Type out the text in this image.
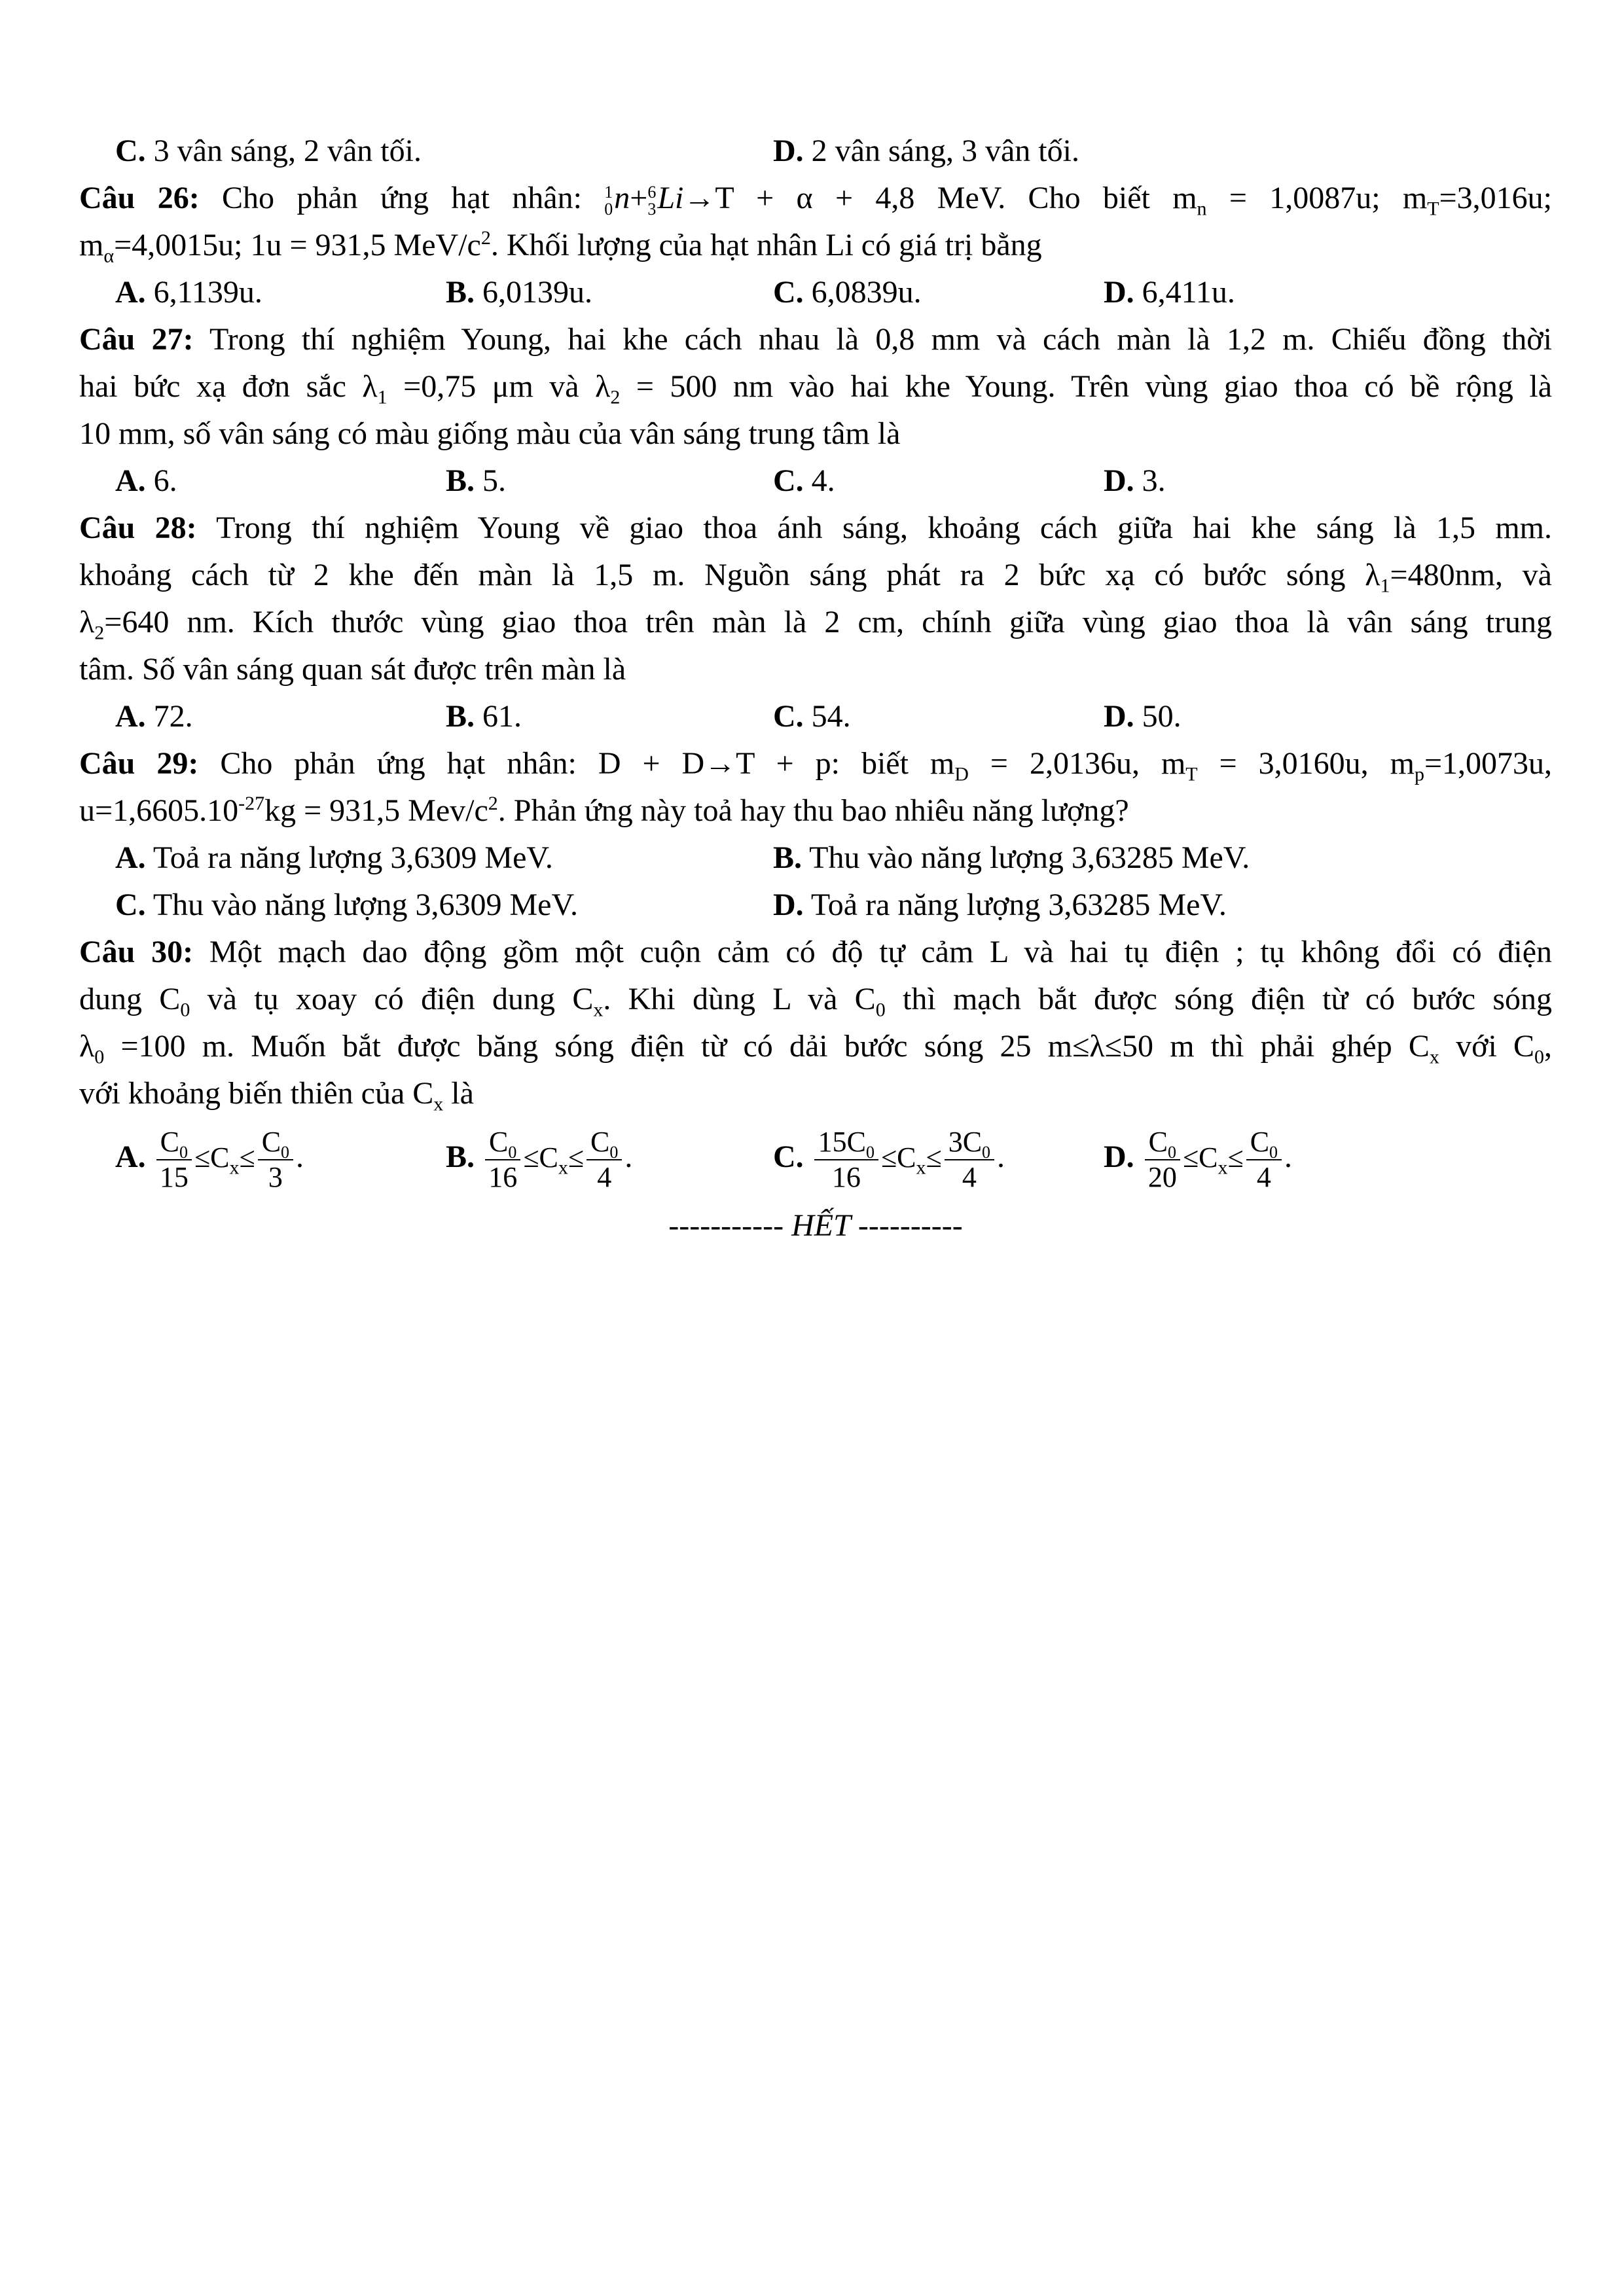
C. 3 vân sáng, 2 vân tối.	D. 2 vân sáng, 3 vân tối.
Câu 26: Cho phản ứng hạt nhân: 1
0 n+ 6
3 Li→T + α + 4,8 MeV. Cho biết $m_n = 1,0087u$; $m_T=3,016u$;
$m_\alpha=4,0015u$; 1u = 931,5 MeV/$c^2$. Khối lượng của hạt nhân Li có giá trị bằng
A. 6,1139u.	B. 6,0139u.	C. 6,0839u.	D. 6,411u.
Câu 27: Trong thí nghiệm Young, hai khe cách nhau là 0,8 mm và cách màn là 1,2 m. Chiếu đồng thời
hai bức xạ đơn sắc $\lambda_1 =0,75$ μm và $\lambda_2 = 500$ nm vào hai khe Young. Trên vùng giao thoa có bề rộng là
10 mm, số vân sáng có màu giống màu của vân sáng trung tâm là
A. 6.	B. 5.	C. 4.	D. 3.
Câu 28: Trong thí nghiệm Young về giao thoa ánh sáng, khoảng cách giữa hai khe sáng là 1,5 mm.
khoảng cách từ 2 khe đến màn là 1,5 m. Nguồn sáng phát ra 2 bức xạ có bước sóng $\lambda_1=480nm$, và
$\lambda_2=640$ nm. Kích thước vùng giao thoa trên màn là 2 cm, chính giữa vùng giao thoa là vân sáng trung
tâm. Số vân sáng quan sát được trên màn là
A. 72.	B. 61.	C. 54.	D. 50.
Câu 29: Cho phản ứng hạt nhân: D + D→T + p: biết $m_D = 2,0136u$, $m_T = 3,0160u$, $m_p=1,0073u$,
$u=1,6605.10^{-27}kg = 931,5$ Mev/$c^2$. Phản ứng này toả hay thu bao nhiêu năng lượng?
A. Toả ra năng lượng 3,6309 MeV.	B. Thu vào năng lượng 3,63285 MeV.
C. Thu vào năng lượng 3,6309 MeV.	D. Toả ra năng lượng 3,63285 MeV.
Câu 30: Một mạch dao động gồm một cuộn cảm có độ tự cảm L và hai tụ điện ; tụ không đổi có điện
dung $C_0$ và tụ xoay có điện dung $C_x$. Khi dùng L và $C_0$ thì mạch bắt được sóng điện từ có bước sóng
$\lambda_0 =100$ m. Muốn bắt được băng sóng điện từ có dải bước sóng 25 m≤λ≤50 m thì phải ghép $C_x$ với $C_0$,
với khoảng biến thiên của $C_x$ là
A. $\frac{C_0}{15} \le C_x\le \frac{C_0}{3}$ .	B. $\frac{C_0}{16} \le C_x\le \frac{C_0}{4}$ .	C. $\frac{15C_0}{16} \le C_x\le \frac{3C_0}{4}$ .	D. $\frac{C_0}{20} \le C_x\le \frac{C_0}{4}$ .
----------- HẾT ----------
